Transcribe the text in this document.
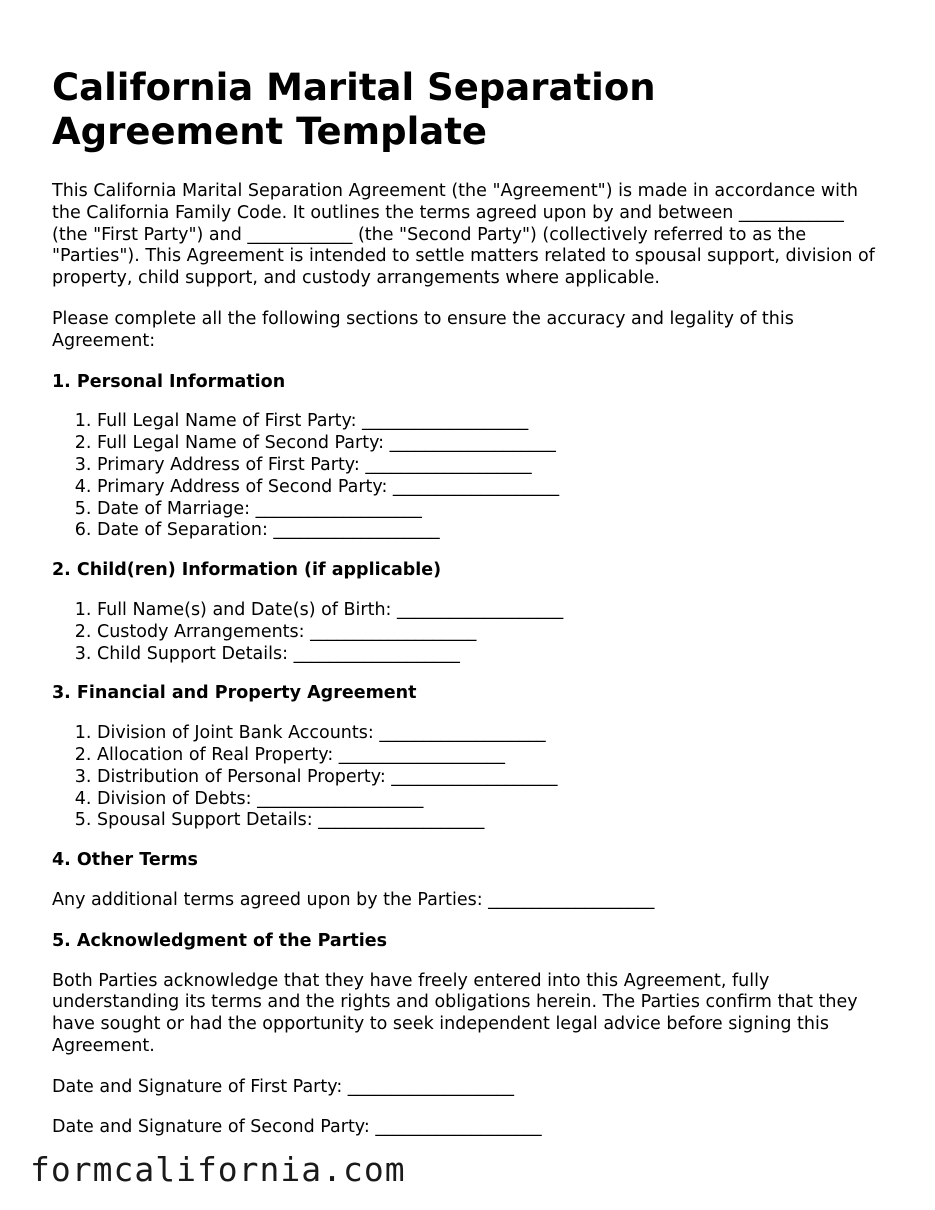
California Marital Separation Agreement Template

This California Marital Separation Agreement (the "Agreement") is made in accordance with the California Family Code. It outlines the terms agreed upon by and between ____________ (the "First Party") and ____________ (the "Second Party") (collectively referred to as the "Parties"). This Agreement is intended to settle matters related to spousal support, division of property, child support, and custody arrangements where applicable.

Please complete all the following sections to ensure the accuracy and legality of this Agreement:

1. Personal Information
1. Full Legal Name of First Party: ___________________
2. Full Legal Name of Second Party: ___________________
3. Primary Address of First Party: ___________________
4. Primary Address of Second Party: ___________________
5. Date of Marriage: ___________________
6. Date of Separation: ___________________
2. Child(ren) Information (if applicable)
1. Full Name(s) and Date(s) of Birth: ___________________
2. Custody Arrangements: ___________________
3. Child Support Details: ___________________
3. Financial and Property Agreement
1. Division of Joint Bank Accounts: ___________________
2. Allocation of Real Property: ___________________
3. Distribution of Personal Property: ___________________
4. Division of Debts: ___________________
5. Spousal Support Details: ___________________
4. Other Terms

Any additional terms agreed upon by the Parties: ___________________

5. Acknowledgment of the Parties

Both Parties acknowledge that they have freely entered into this Agreement, fully understanding its terms and the rights and obligations herein. The Parties confirm that they have sought or had the opportunity to seek independent legal advice before signing this Agreement.

Date and Signature of First Party: ___________________

Date and Signature of Second Party: ___________________

formcalifornia.com
